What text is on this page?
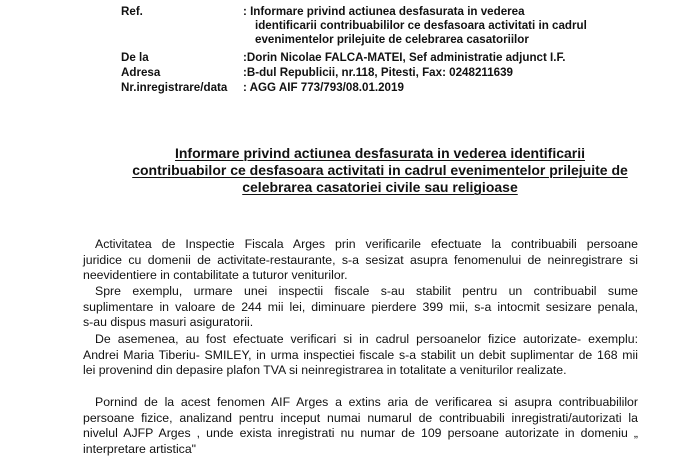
Ref.	: Informare privind actiunea desfasurata in vederea
identificarii contribuabililor ce desfasoara activitati in cadrul
evenimentelor prilejuite de celebrarea casatoriilor
De la	:Dorin Nicolae FALCA-MATEI, Sef administratie adjunct I.F.
Adresa	:B-dul Republicii, nr.118, Pitesti, Fax: 0248211639
Nr.inregistrare/data : AGG AIF 773/793/08.01.2019
Informare privind actiunea desfasurata in vederea identificarii
contribuabilor ce desfasoara activitati in cadrul evenimentelor prilejuite de
celebrarea casatoriei civile sau religioase
Activitatea de Inspectie Fiscala Arges prin verificarile efectuate la contribuabili persoane
juridice cu domenii de activitate-restaurante, s-a sesizat asupra fenomenului de neinregistrare si
neevidentiere in contabilitate a tuturor veniturilor.
Spre exemplu, urmare unei inspectii fiscale s-au stabilit pentru un contribuabil sume
suplimentare in valoare de 244 mii lei, diminuare pierdere 399 mii, s-a intocmit sesizare penala,
s-au dispus masuri asiguratorii.
De asemenea, au fost efectuate verificari si in cadrul persoanelor fizice autorizate- exemplu:
Andrei Maria Tiberiu- SMILEY, in urma inspectiei fiscale s-a stabilit un debit suplimentar de 168 mii
lei provenind din depasire plafon TVA si neinregistrarea in totalitate a veniturilor realizate.
Pornind de la acest fenomen AIF Arges a extins aria de verificarea si asupra contribuabililor
persoane fizice, analizand pentru inceput numai numarul de contribuabili inregistrati/autorizati la
nivelul AJFP Arges , unde exista inregistrati nu numar de 109 persoane autorizate in domeniu „
interpretare artistica"
